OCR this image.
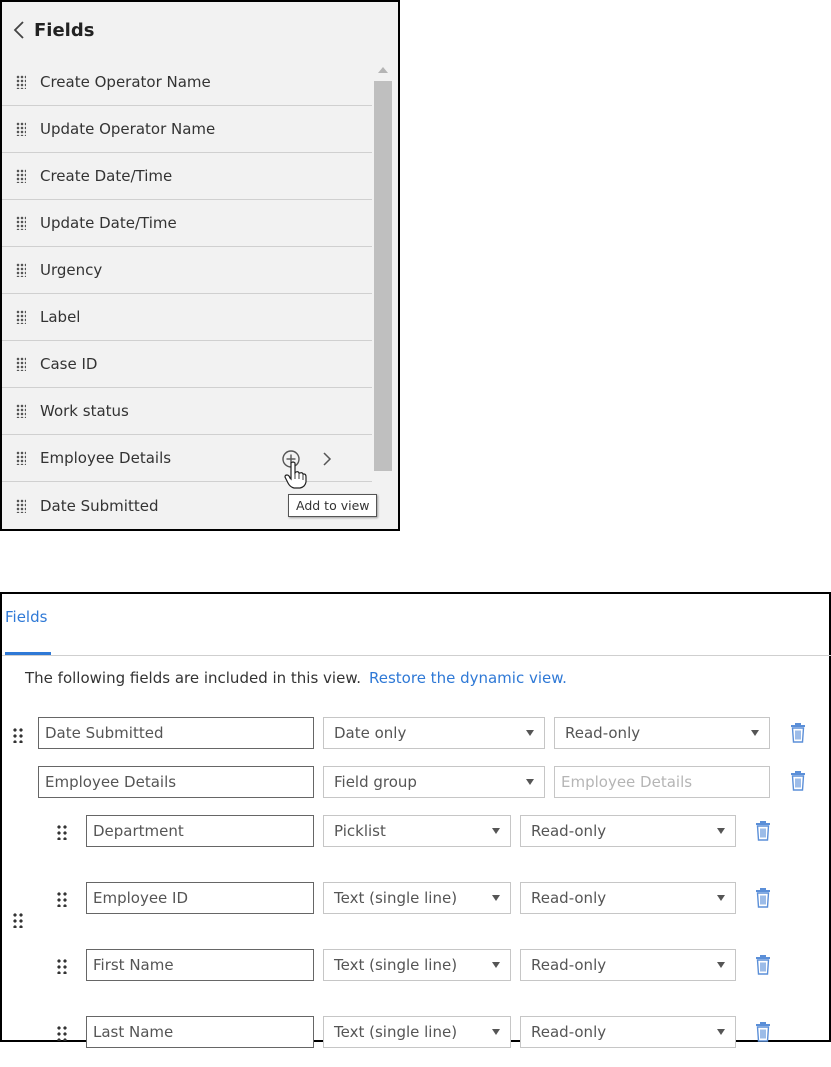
Fields
Create Operator Name
Update Operator Name
Create Date/Time
Update Date/Time
Urgency
Label
Case ID
Work status
Employee Details
Date Submitted	Add to view
Fields
The following fields are included in this view. Restore the dynamic view.
Date Submitted	Date only	Read-only
Employee Details	Field group	Employee Details
Department	Picklist	Read-only
Employee ID	Text (single line)	Read-only
First Name	Text (single line)	Read-only
Last Name	Text (single line)	Read-only
